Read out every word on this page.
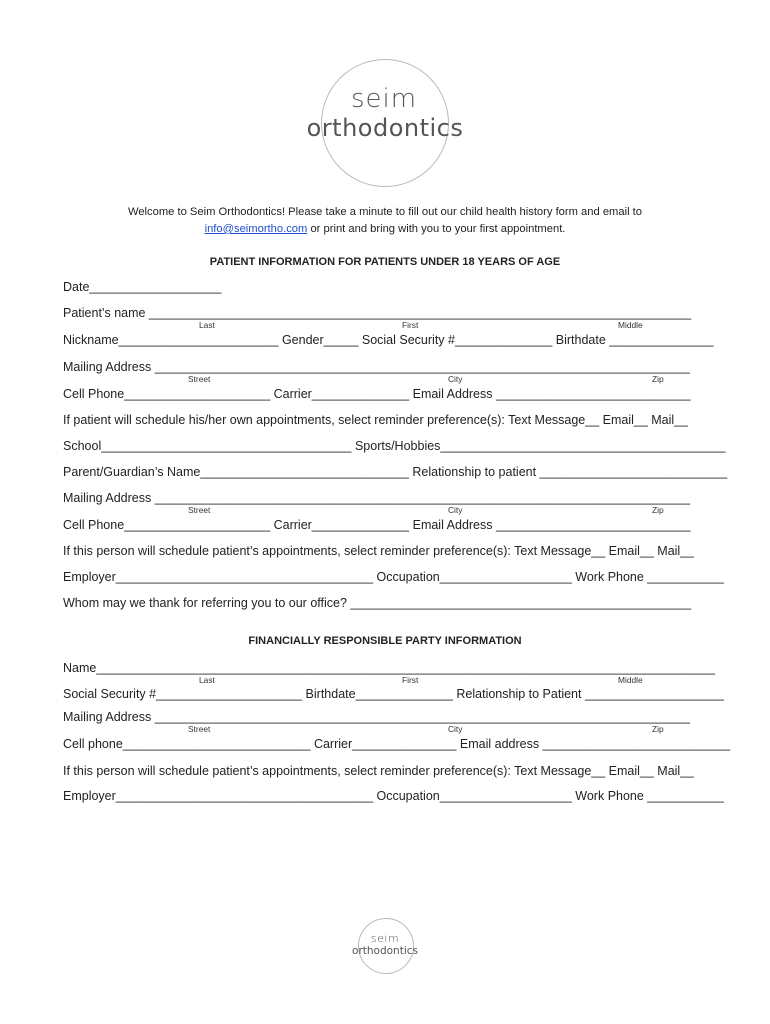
seim
orthodontics
Welcome to Seim Orthodontics! Please take a minute to fill out our child health history form and email to
info@seimortho.com or print and bring with you to your first appointment.
PATIENT INFORMATION FOR PATIENTS UNDER 18 YEARS OF AGE
Date___________________
Patient’s name ______________________________________________________________________________
Last	First	Middle
Nickname_______________________ Gender_____ Social Security #______________ Birthdate _______________
Mailing Address _____________________________________________________________________________
Street	City	Zip
Cell Phone_____________________ Carrier______________ Email Address ____________________________
If patient will schedule his/her own appointments, select reminder preference(s): Text Message__ Email__ Mail__
School____________________________________ Sports/Hobbies_________________________________________
Parent/Guardian’s Name______________________________ Relationship to patient ___________________________
Mailing Address _____________________________________________________________________________
Street	City	Zip
Cell Phone_____________________ Carrier______________ Email Address ____________________________
If this person will schedule patient’s appointments, select reminder preference(s): Text Message__ Email__ Mail__
Employer_____________________________________ Occupation___________________ Work Phone ___________
Whom may we thank for referring you to our office? _________________________________________________
FINANCIALLY RESPONSIBLE PARTY INFORMATION
Name_________________________________________________________________________________________
Last	First	Middle
Social Security #_____________________ Birthdate______________ Relationship to Patient ____________________
Mailing Address _____________________________________________________________________________
Street	City	Zip
Cell phone___________________________ Carrier_______________ Email address ___________________________
If this person will schedule patient’s appointments, select reminder preference(s): Text Message__ Email__ Mail__
Employer_____________________________________ Occupation___________________ Work Phone ___________
seim
orthodontics
